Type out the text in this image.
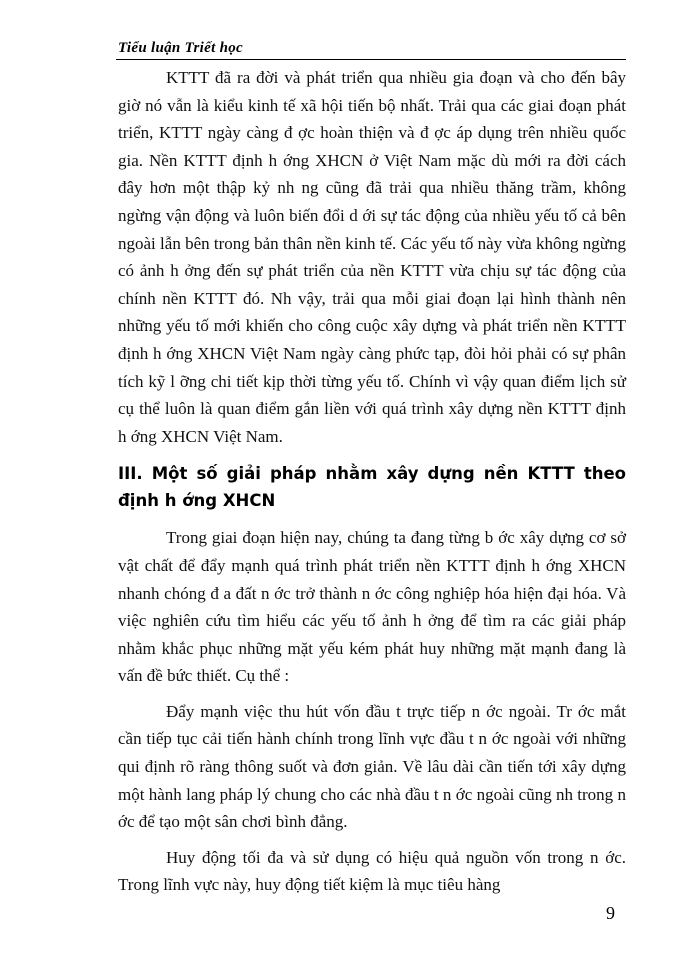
Tiểu luận Triết học

KTTT đã ra đời và phát triển qua nhiều gia đoạn và cho đến bây giờ nó vẫn là kiểu kinh tế xã hội tiến bộ nhất. Trải qua các giai đoạn phát triển, KTTT ngày càng đ ợc hoàn thiện và đ ợc áp dụng trên nhiều quốc gia. Nền KTTT định h ớng XHCN ở Việt Nam mặc dù mới ra đời cách đây hơn một thập kỷ nh ng cũng đã trải qua nhiều thăng trầm, không ngừng vận động và luôn biến đổi d ới sự tác động của nhiều yếu tố cả bên ngoài lẫn bên trong bản thân nền kinh tế. Các yếu tố này vừa không ngừng có ảnh h ởng đến sự phát triển của nền KTTT vừa chịu sự tác động của chính nền KTTT đó. Nh vậy, trải qua mỗi giai đoạn lại hình thành nên những yếu tố mới khiến cho công cuộc xây dựng và phát triển nền KTTT định h ớng XHCN Việt Nam ngày càng phức tạp, đòi hỏi phải có sự phân tích kỹ l ỡng chi tiết kịp thời từng yếu tố. Chính vì vậy quan điểm lịch sử cụ thể luôn là quan điểm gắn liền với quá trình xây dựng nền KTTT định h ớng XHCN Việt Nam.

III. Một số giải pháp nhằm xây dựng nền KTTT theo định h ớng XHCN

Trong giai đoạn hiện nay, chúng ta đang từng b ớc xây dựng cơ sở vật chất để đẩy mạnh quá trình phát triển nền KTTT định h ớng XHCN nhanh chóng đ a đất n ớc trở thành n ớc công nghiệp hóa hiện đại hóa. Và việc nghiên cứu tìm hiểu các yếu tố ảnh h ởng để tìm ra các giải pháp nhằm khắc phục những mặt yếu kém phát huy những mặt mạnh đang là vấn đề bức thiết. Cụ thể :

Đẩy mạnh việc thu hút vốn đầu t trực tiếp n ớc ngoài. Tr ớc mắt cần tiếp tục cải tiến hành chính trong lĩnh vực đầu t n ớc ngoài với những qui định rõ ràng thông suốt và đơn giản. Về lâu dài cần tiến tới xây dựng một hành lang pháp lý chung cho các nhà đầu t n ớc ngoài cũng nh trong n ớc để tạo một sân chơi bình đẳng.

Huy động tối đa và sử dụng có hiệu quả nguồn vốn trong n ớc. Trong lĩnh vực này, huy động tiết kiệm là mục tiêu hàng

9
